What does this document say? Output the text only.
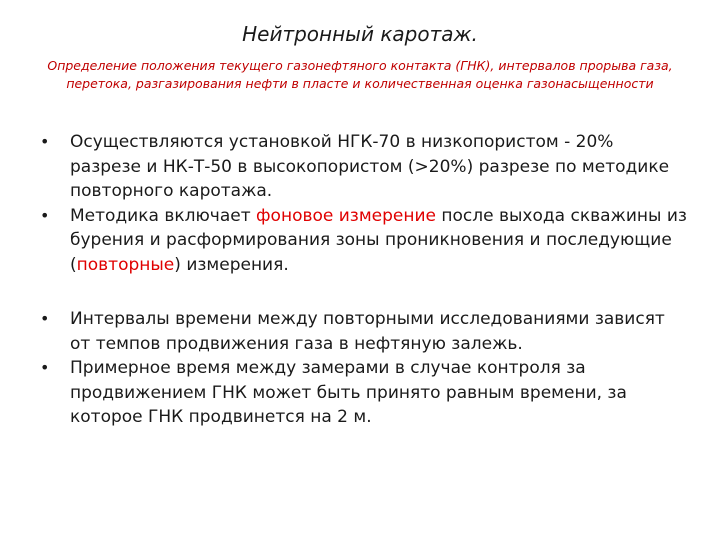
Нейтронный каротаж.
Определение положения текущего газонефтяного контакта (ГНК), интервалов прорыва газа, перетока, разгазирования нефти в пласте и количественная оценка газонасыщенности
• Осуществляются установкой НГК-70 в низкопористом - 20% разрезе и НК-Т-50 в высокопористом (>20%) разрезе по методике повторного каротажа.
• Методика включает фоновое измерение после выхода скважины из бурения и расформирования зоны проникновения и последующие (повторные) измерения.
• Интервалы времени между повторными исследованиями зависят от темпов продвижения газа в нефтяную залежь.
• Примерное время между замерами в случае контроля за продвижением ГНК может быть принято равным времени, за которое ГНК продвинется на 2 м.
